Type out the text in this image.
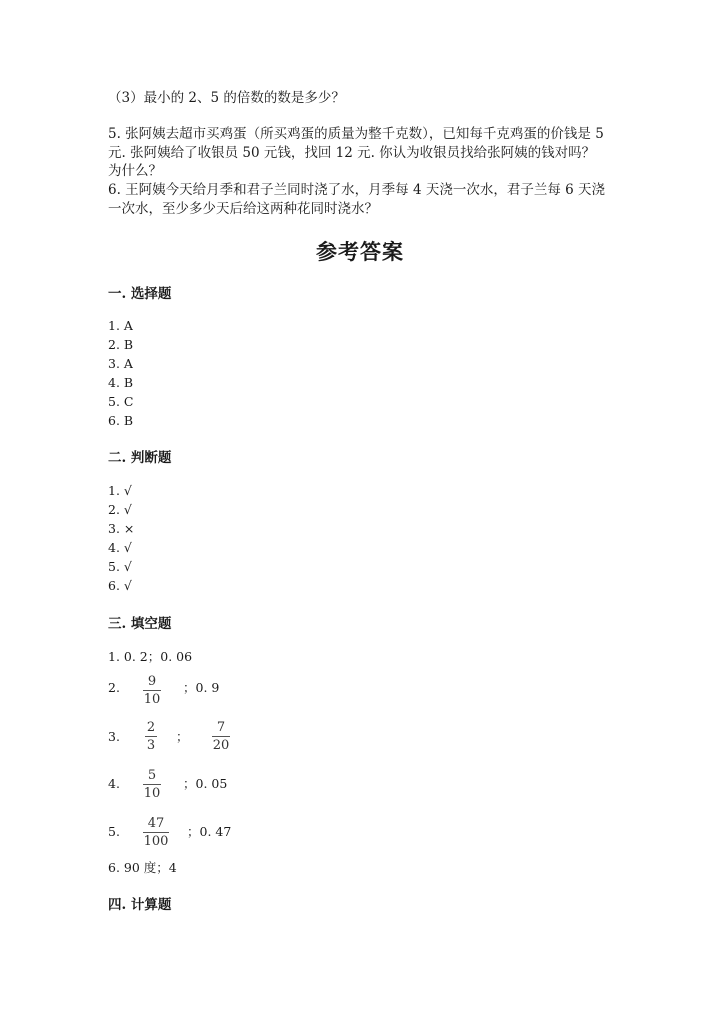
（3）最小的 2、5 的倍数的数是多少？
5. 张阿姨去超市买鸡蛋（所买鸡蛋的质量为整千克数），已知每千克鸡蛋的价钱是 5 元. 张阿姨给了收银员 50 元钱，找回 12 元. 你认为收银员找给张阿姨的钱对吗？为什么？
6. 王阿姨今天给月季和君子兰同时浇了水，月季每 4 天浇一次水，君子兰每 6 天浇一次水，至少多少天后给这两种花同时浇水？
参考答案
一. 选择题
1. A
2. B
3. A
4. B
5. C
6. B
二. 判断题
1. √
2. √
3. ×
4. √
5. √
6. √
三. 填空题
1. 0. 2；0. 06
2. 9
10
；0. 9
3.
2
3
；
7
20
4.
5
10
；0. 05
5.
47
100
；0. 47
6. 90 度；4
四. 计算题
